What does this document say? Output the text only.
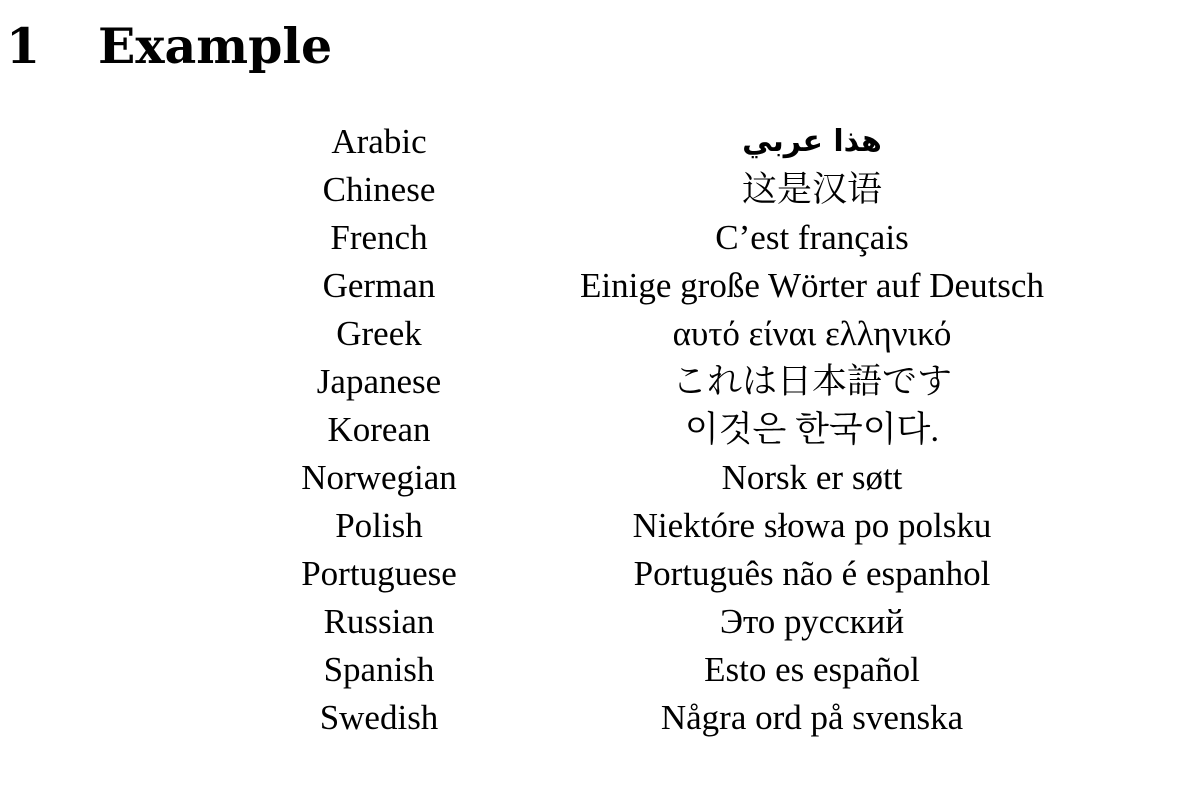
1 Example
Arabic	هذا عربي
Chinese	这是汉语
French	C’est français
German	Einige große Wörter auf Deutsch
Greek	αυτό είναι ελληνικό
Japanese	これは日本語です
Korean	이것은 한국이다.
Norwegian	Norsk er søtt
Polish	Niektóre słowa po polsku
Portuguese	Português não é espanhol
Russian	Это русский
Spanish	Esto es español
Swedish	Några ord på svenska
